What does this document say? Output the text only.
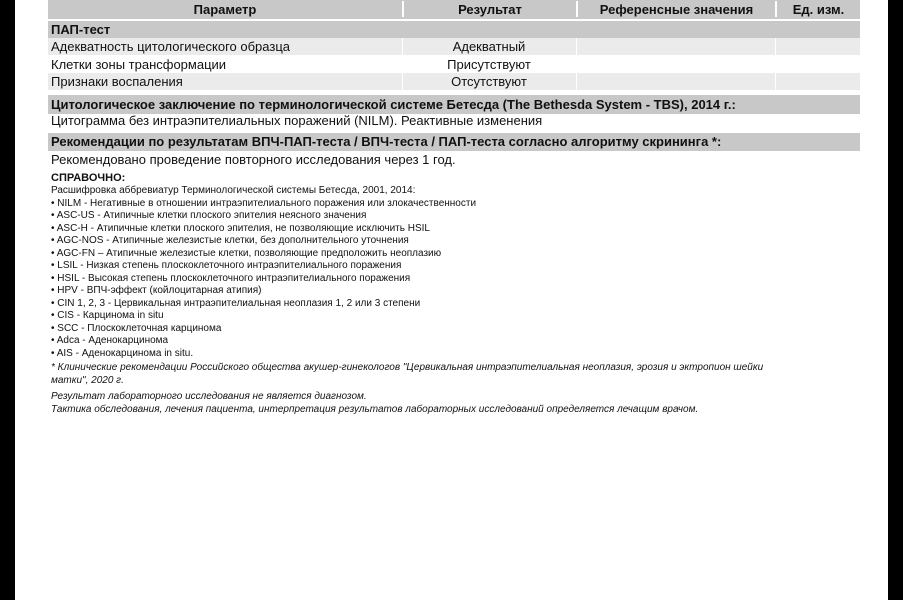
Параметр	Результат	Референсные значения	Ед. изм.
ПАП-тест
Адекватность цитологического образца	Адекватный
Клетки зоны трансформации	Присутствуют
Признаки воспаления	Отсутствуют
Цитологическое заключение по терминологической системе Бетесда (The Bethesda System - TBS), 2014 г.:
Цитограмма без интраэпителиальных поражений (NILM). Реактивные изменения
Рекомендации по результатам ВПЧ-ПАП-теста / ВПЧ-теста / ПАП-теста согласно алгоритму скрининга *:
Рекомендовано проведение повторного исследования через 1 год.
СПРАВОЧНО:
Расшифровка аббревиатур Терминологической системы Бетесда, 2001, 2014:
• NILM - Негативные в отношении интраэпителиального поражения или злокачественности
• ASC-US - Атипичные клетки плоского эпителия неясного значения
• ASC-H - Атипичные клетки плоского эпителия, не позволяющие исключить HSIL
• AGC-NOS - Атипичные железистые клетки, без дополнительного уточнения
• AGC-FN – Атипичные железистые клетки, позволяющие предположить неоплазию
• LSIL - Низкая степень плоскоклеточного интраэпителиального поражения
• HSIL - Высокая степень плоскоклеточного интраэпителиального поражения
• HPV - ВПЧ-эффект (койлоцитарная атипия)
• CIN 1, 2, 3 - Цервикальная интраэпителиальная неоплазия 1, 2 или 3 степени
• CIS - Карцинома in situ
• SCC - Плоскоклеточная карцинома
• Adca - Аденокарцинома
• AIS - Аденокарцинома in situ.
* Клинические рекомендации Российского общества акушер-гинекологов "Цервикальная интраэпителиальная неоплазия, эрозия и эктропион шейки
матки", 2020 г.
Результат лабораторного исследования не является диагнозом.
Тактика обследования, лечения пациента, интерпретация результатов лабораторных исследований определяется лечащим врачом.
